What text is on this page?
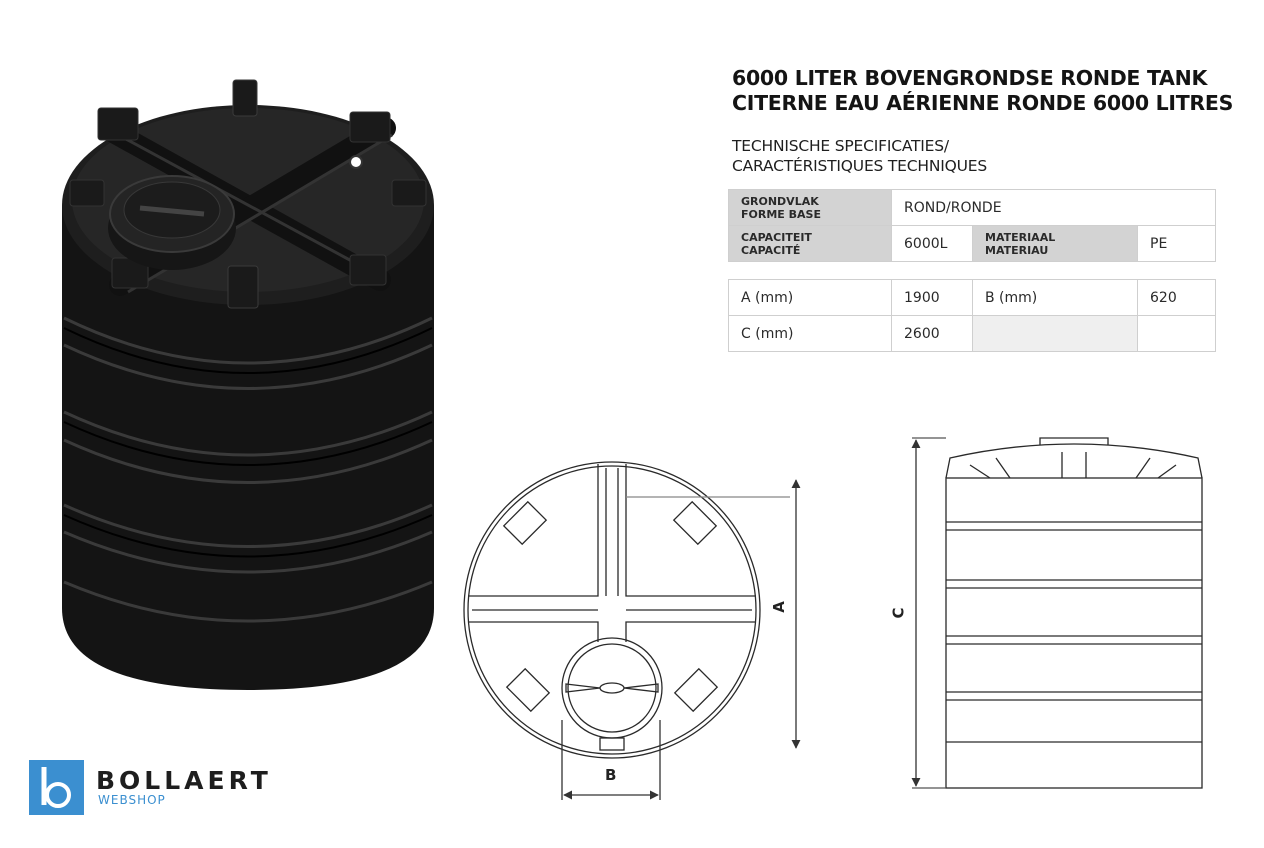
6000 LITER BOVENGRONDSE RONDE TANK
CITERNE EAU AÉRIENNE RONDE 6000 LITRES
TECHNISCHE SPECIFICATIES/
CARACTÉRISTIQUES TECHNIQUES
GRONDVLAK
FORME BASE	ROND/RONDE		

CAPACITEIT
CAPACITÉ	6000L	MATERIAAL
MATERIAU	PE
A (mm)	1900	B (mm)	620
C (mm)	2600		
A
B
C
BOLLAERT
WEBSHOP
